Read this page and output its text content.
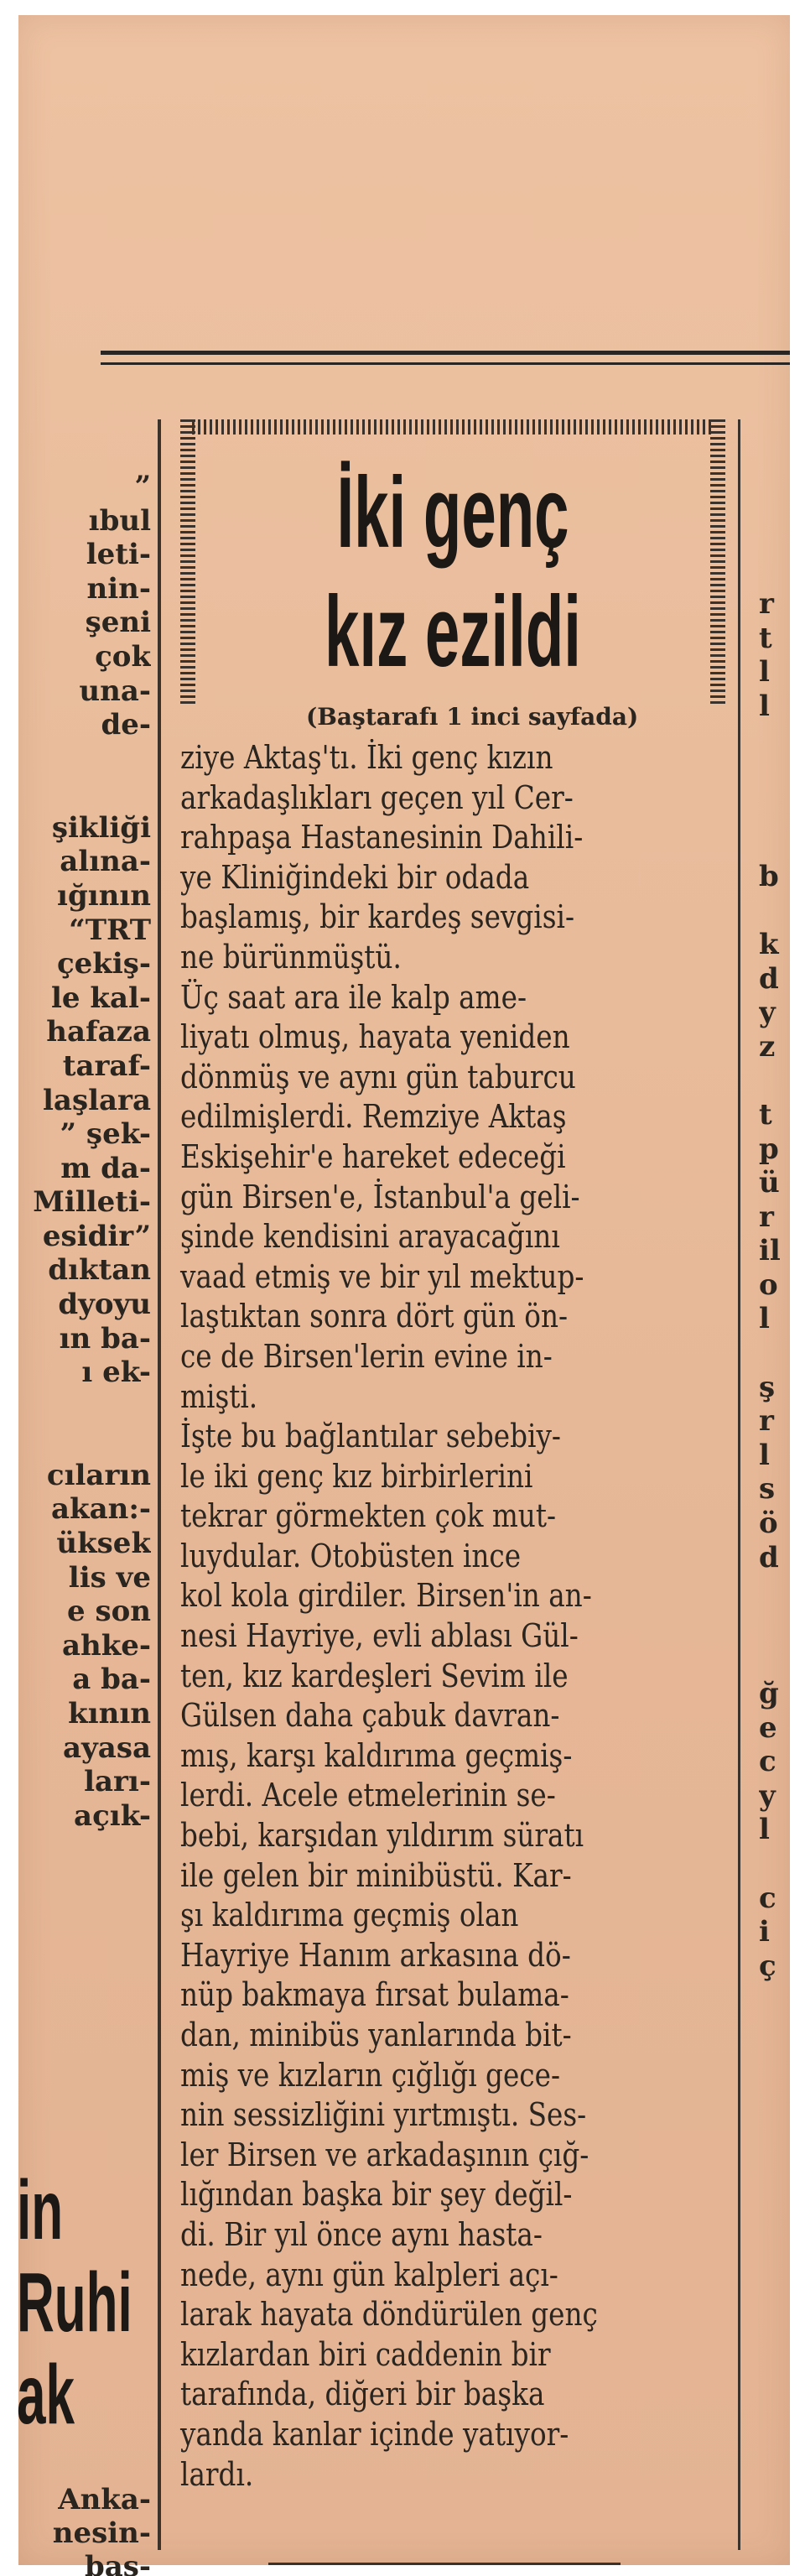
”
ıbul
leti-
nin-
şeni
çok
una-
de-
şikliği
alına-
ığının
“TRT
çekiş-
le kal-
hafaza
taraf-
laşlara
” şek-
m da-
Milleti-
esidir”
dıktan
dyoyu
ın ba-
ı ek-
cıların
akan:-
üksek
lis ve
e son
ahke-
a ba-
kının
ayasa
ları-
açık-
in
Ruhi
ak
Anka-
nesin-
bas-
r
t
l
l
b
k
d
y
z
t
p
ü
r
il
o
l
ş
r
l
s
ö
d
ğ
e
c
y
l
c
i
ç
İki genç
kız ezildi
(Baştarafı 1 inci sayfada)
ziye Aktaş'tı. İki genç kızın
arkadaşlıkları geçen yıl Cer-
rahpaşa Hastanesinin Dahili-
ye Kliniğindeki bir odada
başlamış, bir kardeş sevgisi-
ne bürünmüştü.
Üç saat ara ile kalp ame-
liyatı olmuş, hayata yeniden
dönmüş ve aynı gün taburcu
edilmişlerdi. Remziye Aktaş
Eskişehir'e hareket edeceği
gün Birsen'e, İstanbul'a geli-
şinde kendisini arayacağını
vaad etmiş ve bir yıl mektup-
laştıktan sonra dört gün ön-
ce de Birsen'lerin evine in-
mişti.
İşte bu bağlantılar sebebiy-
le iki genç kız birbirlerini
tekrar görmekten çok mut-
luydular. Otobüsten ince
kol kola girdiler. Birsen'in an-
nesi Hayriye, evli ablası Gül-
ten, kız kardeşleri Sevim ile
Gülsen daha çabuk davran-
mış, karşı kaldırıma geçmiş-
lerdi. Acele etmelerinin se-
bebi, karşıdan yıldırım süratı
ile gelen bir minibüstü. Kar-
şı kaldırıma geçmiş olan
Hayriye Hanım arkasına dö-
nüp bakmaya fırsat bulama-
dan, minibüs yanlarında bit-
miş ve kızların çığlığı gece-
nin sessizliğini yırtmıştı. Ses-
ler Birsen ve arkadaşının çığ-
lığından başka bir şey değil-
di. Bir yıl önce aynı hasta-
nede, aynı gün kalpleri açı-
larak hayata döndürülen genç
kızlardan biri caddenin bir
tarafında, diğeri bir başka
yanda kanlar içinde yatıyor-
lardı.
